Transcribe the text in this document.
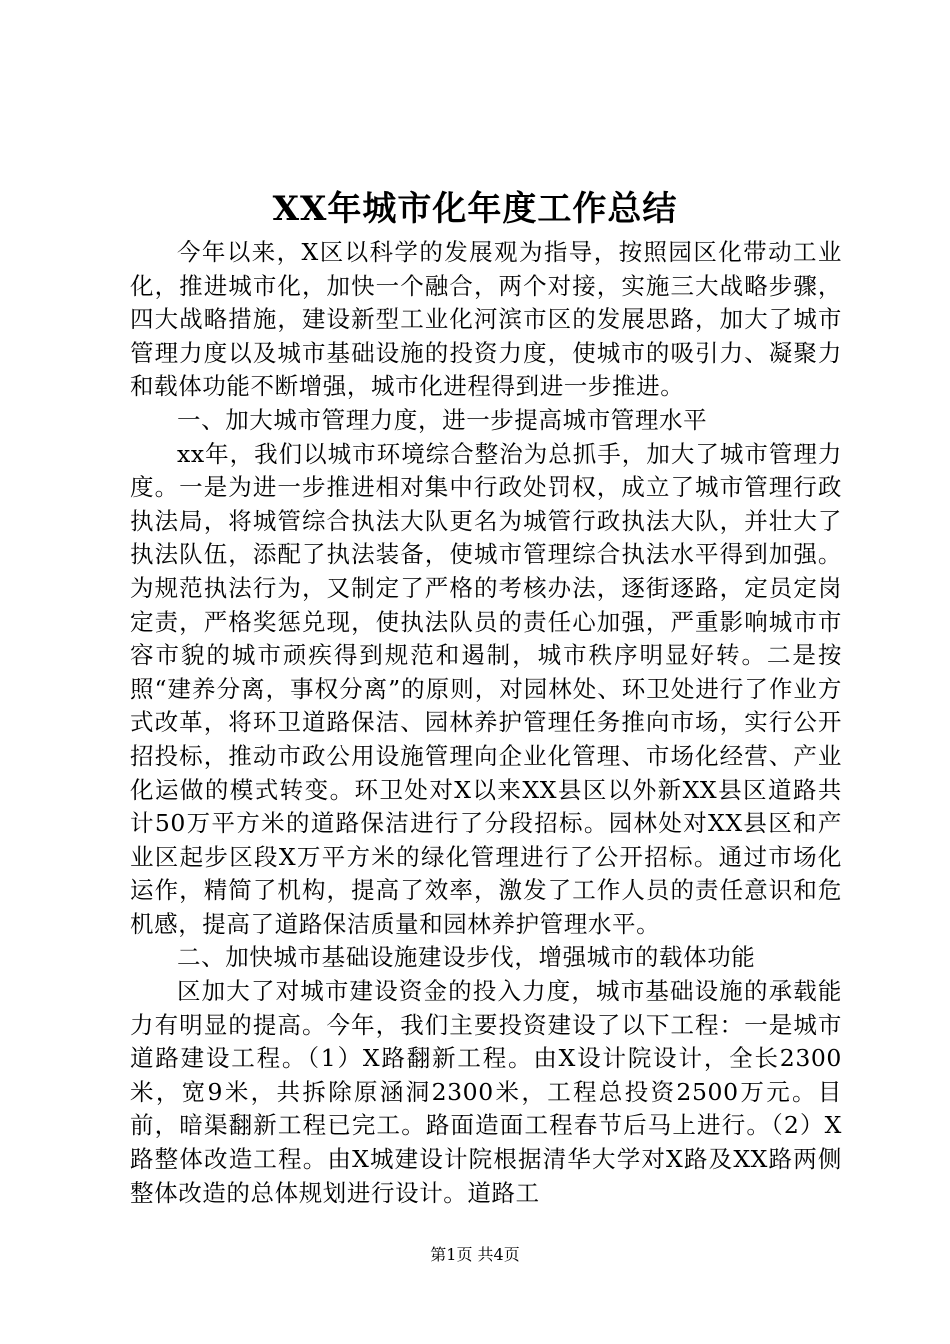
XX年城市化年度工作总结

今年以来，X区以科学的发展观为指导，按照园区化带动工业化，推进城市化，加快一个融合，两个对接，实施三大战略步骤，四大战略措施，建设新型工业化河滨市区的发展思路，加大了城市管理力度以及城市基础设施的投资力度，使城市的吸引力、凝聚力和载体功能不断增强，城市化进程得到进一步推进。

一、加大城市管理力度，进一步提高城市管理水平

xx年，我们以城市环境综合整治为总抓手，加大了城市管理力度。一是为进一步推进相对集中行政处罚权，成立了城市管理行政执法局，将城管综合执法大队更名为城管行政执法大队，并壮大了执法队伍，添配了执法装备，使城市管理综合执法水平得到加强。为规范执法行为，又制定了严格的考核办法，逐街逐路，定员定岗定责，严格奖惩兑现，使执法队员的责任心加强，严重影响城市市容市貌的城市顽疾得到规范和遏制，城市秩序明显好转。二是按照“建养分离，事权分离”的原则，对园林处、环卫处进行了作业方式改革，将环卫道路保洁、园林养护管理任务推向市场，实行公开招投标，推动市政公用设施管理向企业化管理、市场化经营、产业化运做的模式转变。环卫处对X以来XX县区以外新XX县区道路共计50万平方米的道路保洁进行了分段招标。园林处对XX县区和产业区起步区段X万平方米的绿化管理进行了公开招标。通过市场化运作，精简了机构，提高了效率，激发了工作人员的责任意识和危机感，提高了道路保洁质量和园林养护管理水平。

二、加快城市基础设施建设步伐，增强城市的载体功能

区加大了对城市建设资金的投入力度，城市基础设施的承载能力有明显的提高。今年，我们主要投资建设了以下工程：一是城市道路建设工程。（1）X路翻新工程。由X设计院设计，全长2300米，宽9米，共拆除原涵洞2300米，工程总投资2500万元。目前，暗渠翻新工程已完工。路面造面工程春节后马上进行。（2）X路整体改造工程。由X城建设计院根据清华大学对X路及XX路两侧整体改造的总体规划进行设计。道路工

第1页 共4页
